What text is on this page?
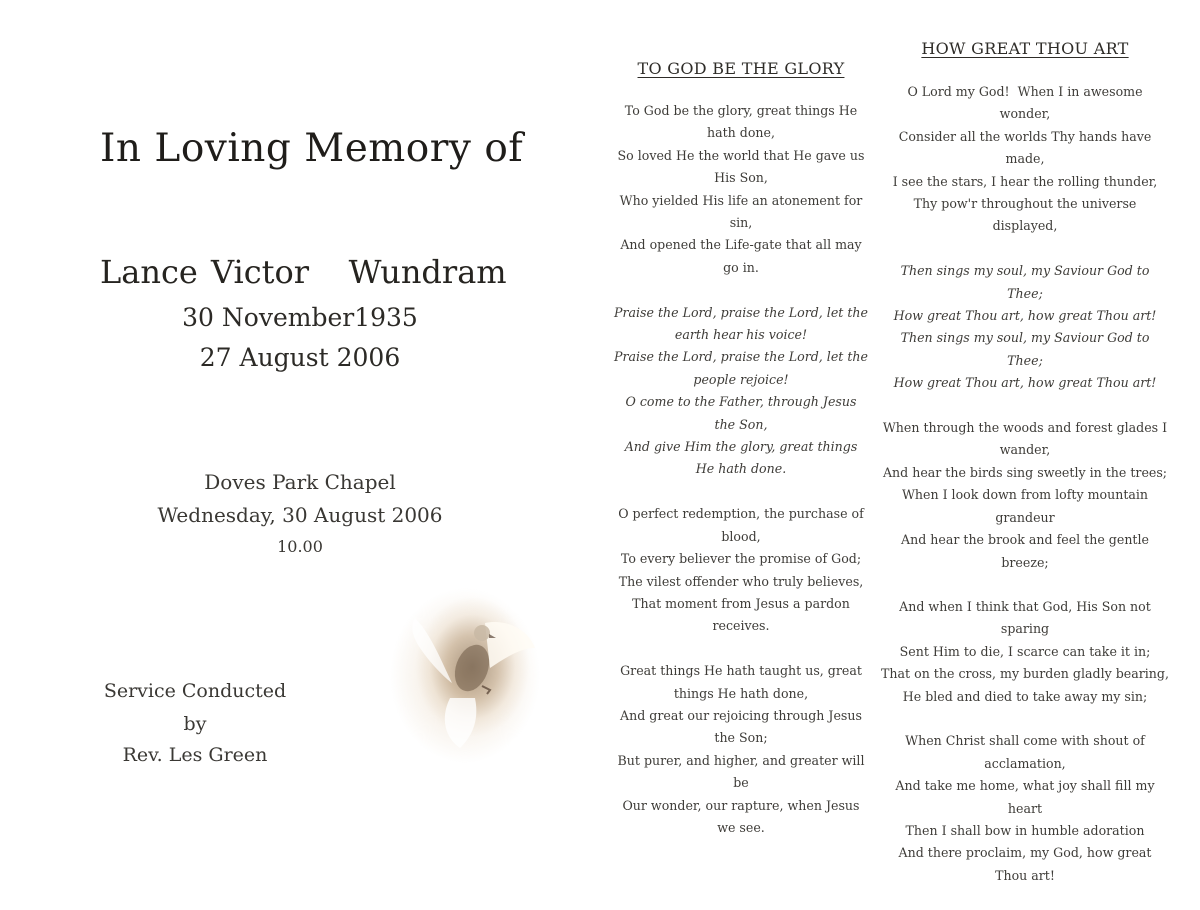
In Loving Memory of
Lance Victor   Wundram
30 November1935
27 August 2006
Doves Park Chapel
Wednesday, 30 August 2006
10.00
Service Conducted
by
Rev. Les Green
TO GOD BE THE GLORY
To God be the glory, great things He
hath done,
So loved He the world that He gave us
His Son,
Who yielded His life an atonement for
sin,
And opened the Life-gate that all may
go in.
Praise the Lord, praise the Lord, let the
earth hear his voice!
Praise the Lord, praise the Lord, let the
people rejoice!
O come to the Father, through Jesus
the Son,
And give Him the glory, great things
He hath done.
O perfect redemption, the purchase of
blood,
To every believer the promise of God;
The vilest offender who truly believes,
That moment from Jesus a pardon
receives.
Great things He hath taught us, great
things He hath done,
And great our rejoicing through Jesus
the Son;
But purer, and higher, and greater will
be
Our wonder, our rapture, when Jesus
we see.
HOW GREAT THOU ART
O Lord my God!  When I in awesome
wonder,
Consider all the worlds Thy hands have
made,
I see the stars, I hear the rolling thunder,
Thy pow'r throughout the universe displayed,
Then sings my soul, my Saviour God to
Thee;
How great Thou art, how great Thou art!
Then sings my soul, my Saviour God to
Thee;
How great Thou art, how great Thou art!
When through the woods and forest glades I
wander,
And hear the birds sing sweetly in the trees;
When I look down from lofty mountain
grandeur
And hear the brook and feel the gentle
breeze;
And when I think that God, His Son not
sparing
Sent Him to die, I scarce can take it in;
That on the cross, my burden gladly bearing,
He bled and died to take away my sin;
When Christ shall come with shout of
acclamation,
And take me home, what joy shall fill my heart
Then I shall bow in humble adoration
And there proclaim, my God, how great
Thou art!
